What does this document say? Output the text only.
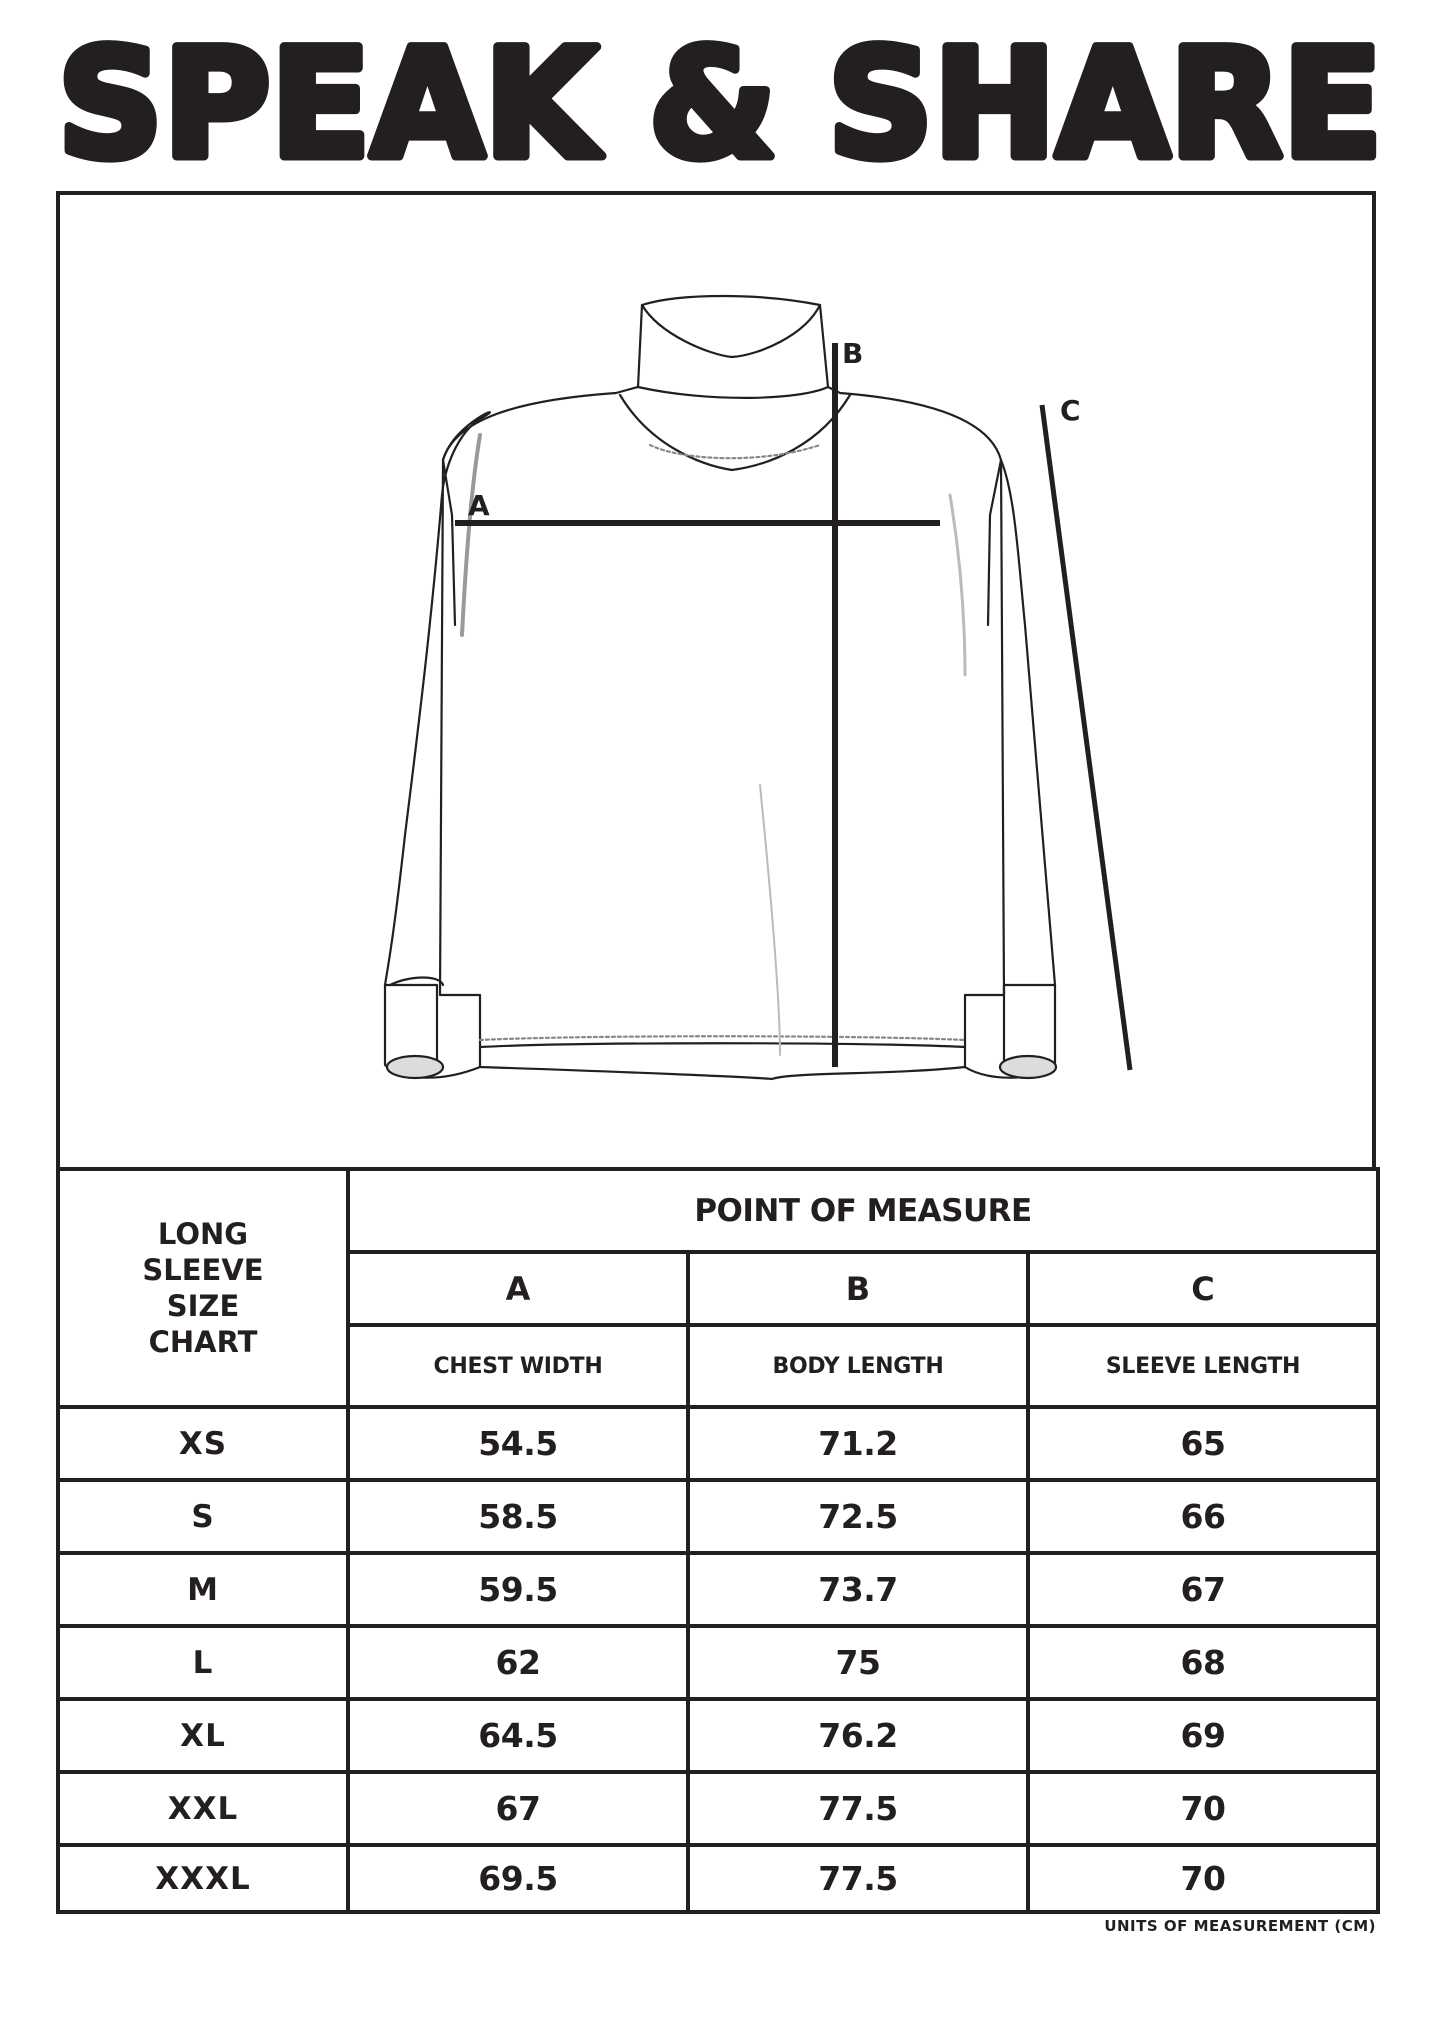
SPEAK & SHARE
A
B
C
LONG
SLEEVE
SIZE
CHART	POINT OF MEASURE		
	A	B	C
	CHEST WIDTH	BODY LENGTH	SLEEVE LENGTH
XS	54.5	71.2	65
S	58.5	72.5	66
M	59.5	73.7	67
L	62	75	68
XL	64.5	76.2	69
XXL	67	77.5	70
XXXL	69.5	77.5	70
UNITS OF MEASUREMENT (CM)
